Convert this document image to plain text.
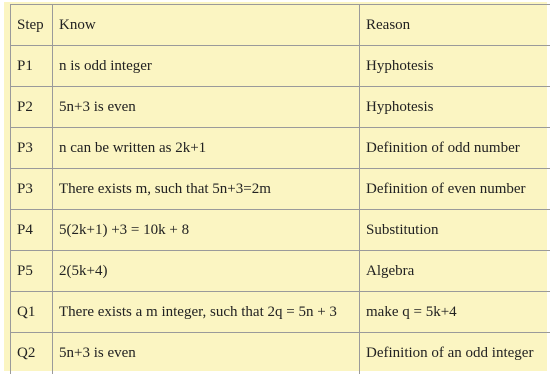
Step	Know	Reason
P1	n is odd integer	Hyphotesis
P2	5n+3 is even	Hyphotesis
P3	n can be written as 2k+1	Definition of odd number
P3	There exists m, such that 5n+3=2m	Definition of even number
P4	5(2k+1) +3 = 10k + 8	Substitution
P5	2(5k+4)	Algebra
Q1	There exists a m integer, such that 2q = 5n + 3	make q = 5k+4
Q2	5n+3 is even	Definition of an odd integer
